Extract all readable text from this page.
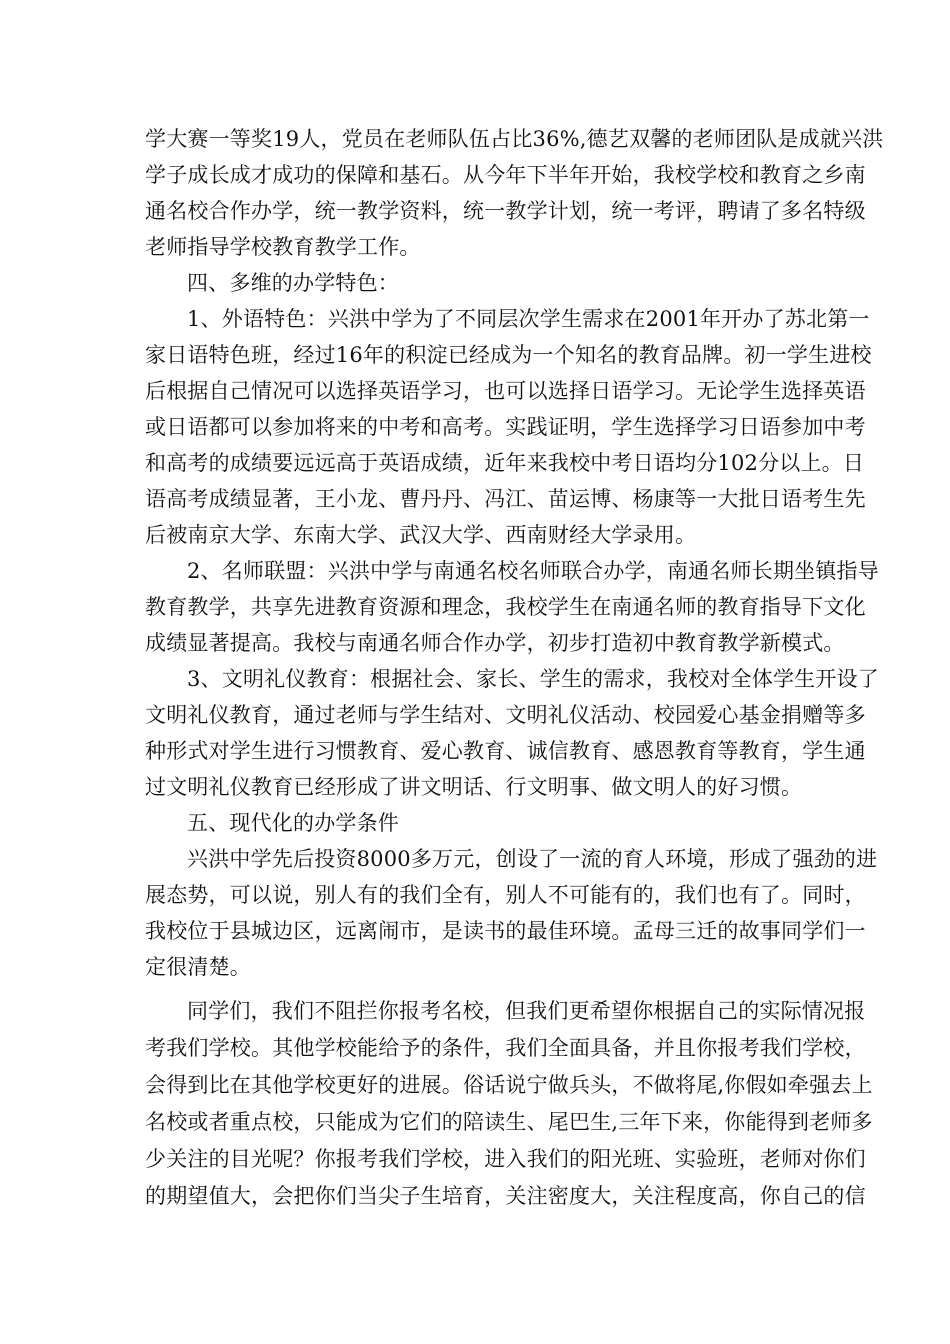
学大赛一等奖19人，党员在老师队伍占比36%,德艺双馨的老师团队是成就兴洪
学子成长成才成功的保障和基石。从今年下半年开始，我校学校和教育之乡南
通名校合作办学，统一教学资料，统一教学计划，统一考评，聘请了多名特级
老师指导学校教育教学工作。
四、多维的办学特色：
1、外语特色：兴洪中学为了不同层次学生需求在2001年开办了苏北第一
家日语特色班，经过16年的积淀已经成为一个知名的教育品牌。初一学生进校
后根据自己情况可以选择英语学习，也可以选择日语学习。无论学生选择英语
或日语都可以参加将来的中考和高考。实践证明，学生选择学习日语参加中考
和高考的成绩要远远高于英语成绩，近年来我校中考日语均分102分以上。日
语高考成绩显著，王小龙、曹丹丹、冯江、苗运博、杨康等一大批日语考生先
后被南京大学、东南大学、武汉大学、西南财经大学录用。
2、名师联盟：兴洪中学与南通名校名师联合办学，南通名师长期坐镇指导
教育教学，共享先进教育资源和理念，我校学生在南通名师的教育指导下文化
成绩显著提高。我校与南通名师合作办学，初步打造初中教育教学新模式。
3、文明礼仪教育：根据社会、家长、学生的需求，我校对全体学生开设了
文明礼仪教育，通过老师与学生结对、文明礼仪活动、校园爱心基金捐赠等多
种形式对学生进行习惯教育、爱心教育、诚信教育、感恩教育等教育，学生通
过文明礼仪教育已经形成了讲文明话、行文明事、做文明人的好习惯。
五、现代化的办学条件
兴洪中学先后投资8000多万元，创设了一流的育人环境，形成了强劲的进
展态势，可以说，别人有的我们全有，别人不可能有的，我们也有了。同时，
我校位于县城边区，远离闹市，是读书的最佳环境。孟母三迁的故事同学们一
定很清楚。
同学们，我们不阻拦你报考名校，但我们更希望你根据自己的实际情况报
考我们学校。其他学校能给予的条件，我们全面具备，并且你报考我们学校，
会得到比在其他学校更好的进展。俗话说宁做兵头，不做将尾,你假如牵强去上
名校或者重点校，只能成为它们的陪读生、尾巴生,三年下来，你能得到老师多
少关注的目光呢？你报考我们学校，进入我们的阳光班、实验班，老师对你们
的期望值大，会把你们当尖子生培育，关注密度大，关注程度高，你自己的信
